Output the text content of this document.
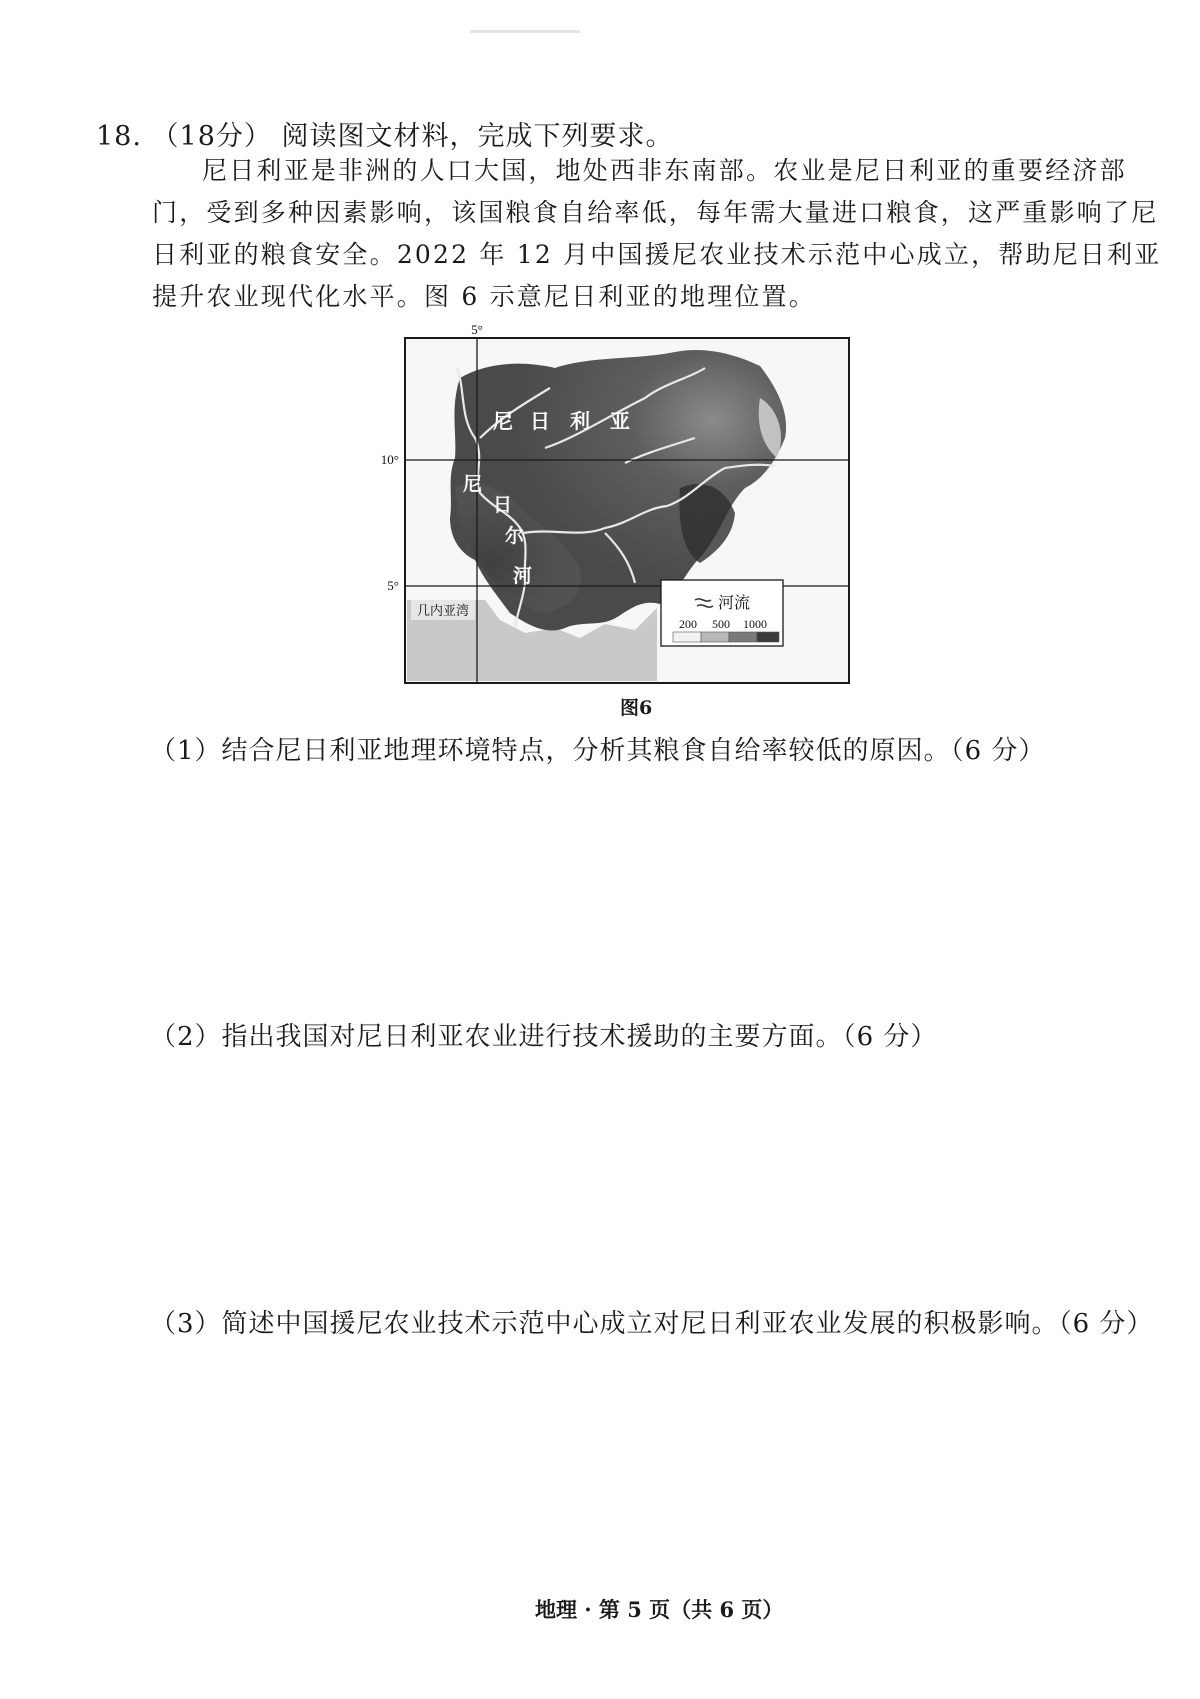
18. （18分） 阅读图文材料，完成下列要求。
尼日利亚是非洲的人口大国，地处西非东南部。农业是尼日利亚的重要经济部门，受到多种因素影响，该国粮食自给率低，每年需大量进口粮食，这严重影响了尼日利亚的粮食安全。2022 年 12 月中国援尼农业技术示范中心成立，帮助尼日利亚提升农业现代化水平。图 6 示意尼日利亚的地理位置。
5°
10°
5°
尼 日 利 亚
尼
日
尔
河
几内亚湾	河流
200 500 1000
图6
（1）结合尼日利亚地理环境特点，分析其粮食自给率较低的原因。（6 分）
（2）指出我国对尼日利亚农业进行技术援助的主要方面。（6 分）
（3）简述中国援尼农业技术示范中心成立对尼日利亚农业发展的积极影响。（6 分）
地理 · 第 5 页（共 6 页）
